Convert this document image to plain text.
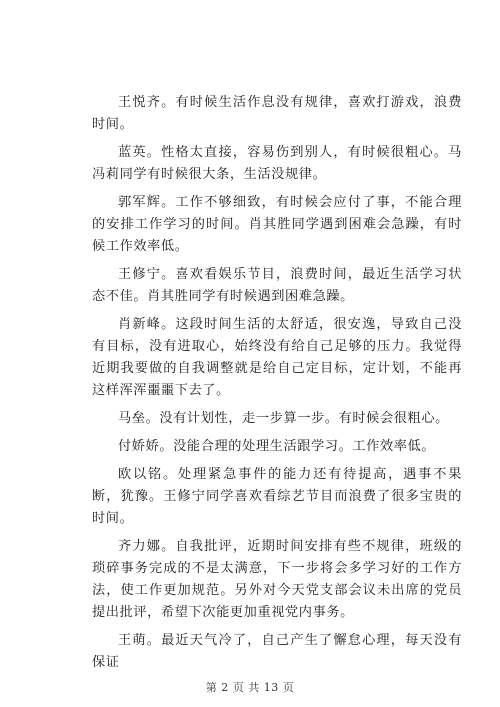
王悦齐。有时候生活作息没有规律，喜欢打游戏，浪费时间。

蓝英。性格太直接，容易伤到别人，有时候很粗心。马冯莉同学有时候很大条，生活没规律。

郭军辉。工作不够细致，有时候会应付了事，不能合理的安排工作学习的时间。肖其胜同学遇到困难会急躁，有时候工作效率低。

王修宁。喜欢看娱乐节目，浪费时间，最近生活学习状态不佳。肖其胜同学有时候遇到困难急躁。

肖新峰。这段时间生活的太舒适，很安逸，导致自己没有目标，没有进取心，始终没有给自己足够的压力。我觉得近期我要做的自我调整就是给自己定目标，定计划，不能再这样浑浑噩噩下去了。

马垒。没有计划性，走一步算一步。有时候会很粗心。

付娇娇。没能合理的处理生活跟学习。工作效率低。

欧以铭。处理紧急事件的能力还有待提高，遇事不果断，犹豫。王修宁同学喜欢看综艺节目而浪费了很多宝贵的时间。

齐力娜。自我批评，近期时间安排有些不规律，班级的琐碎事务完成的不是太满意，下一步将会多学习好的工作方法，使工作更加规范。另外对今天党支部会议未出席的党员提出批评，希望下次能更加重视党内事务。

王萌。最近天气冷了，自己产生了懈怠心理，每天没有保证

第 2 页 共 13 页
